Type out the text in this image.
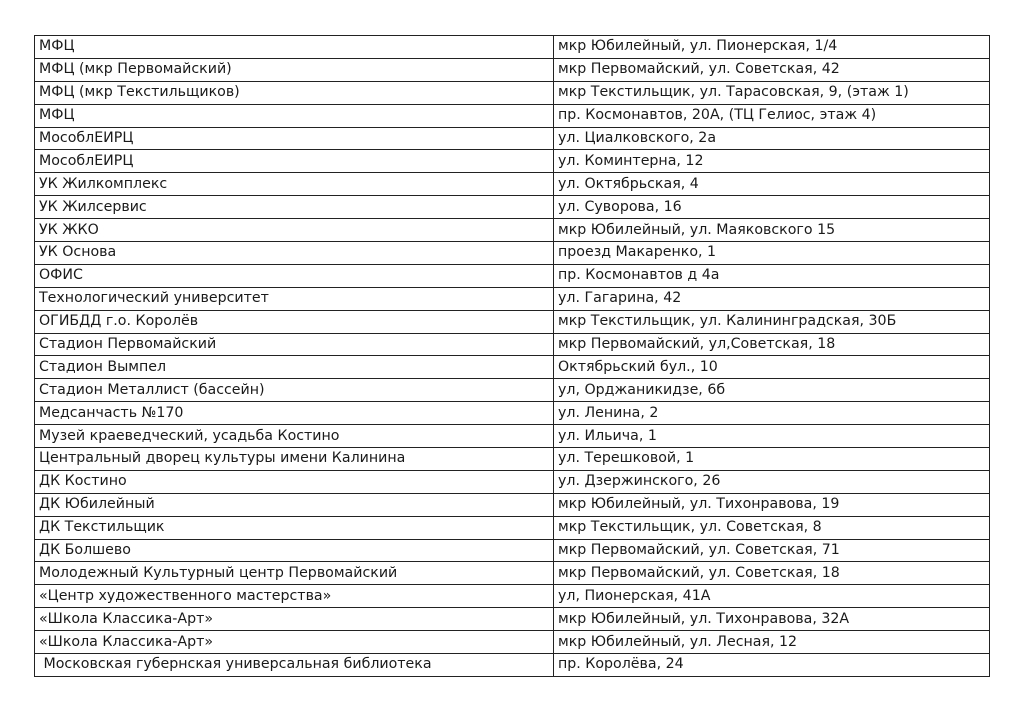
МФЦ	мкр Юбилейный, ул. Пионерская, 1/4
МФЦ (мкр Первомайский)	мкр Первомайский, ул. Советская, 42
МФЦ (мкр Текстильщиков)	мкр Текстильщик, ул. Тарасовская, 9, (этаж 1)
МФЦ	пр. Космонавтов, 20А, (ТЦ Гелиос, этаж 4)
МособлЕИРЦ	ул. Циалковского, 2а
МособлЕИРЦ	ул. Коминтерна, 12
УК Жилкомплекс	ул. Октябрьская, 4
УК Жилсервис	ул. Суворова, 16
УК ЖКО	мкр Юбилейный, ул. Маяковского 15
УК Основа	проезд Макаренко, 1
ОФИС	пр. Космонавтов д 4а
Технологический университет	ул. Гагарина, 42
ОГИБДД г.о. Королёв	мкр Текстильщик, ул. Калининградская, 30Б
Стадион Первомайский	мкр Первомайский, ул,Советская, 18
Стадион Вымпел	Октябрьский бул., 10
Стадион Металлист (бассейн)	ул, Орджаникидзе, 6б
Медсанчасть №170	ул. Ленина, 2
Музей краеведческий, усадьба Костино	ул. Ильича, 1
Центральный дворец культуры имени Калинина	ул. Терешковой, 1
ДК Костино	ул. Дзержинского, 26
ДК Юбилейный	мкр Юбилейный, ул. Тихонравова, 19
ДК Текстильщик	мкр Текстильщик, ул. Советская, 8
ДК Болшево	мкр Первомайский, ул. Советская, 71
Молодежный Культурный центр Первомайский	мкр Первомайский, ул. Советская, 18
«Центр художественного мастерства»	ул, Пионерская, 41А
«Школа Классика-Арт»	мкр Юбилейный, ул. Тихонравова, 32А
«Школа Классика-Арт»	мкр Юбилейный, ул. Лесная, 12
Московская губернская универсальная библиотека	пр. Королёва, 24
